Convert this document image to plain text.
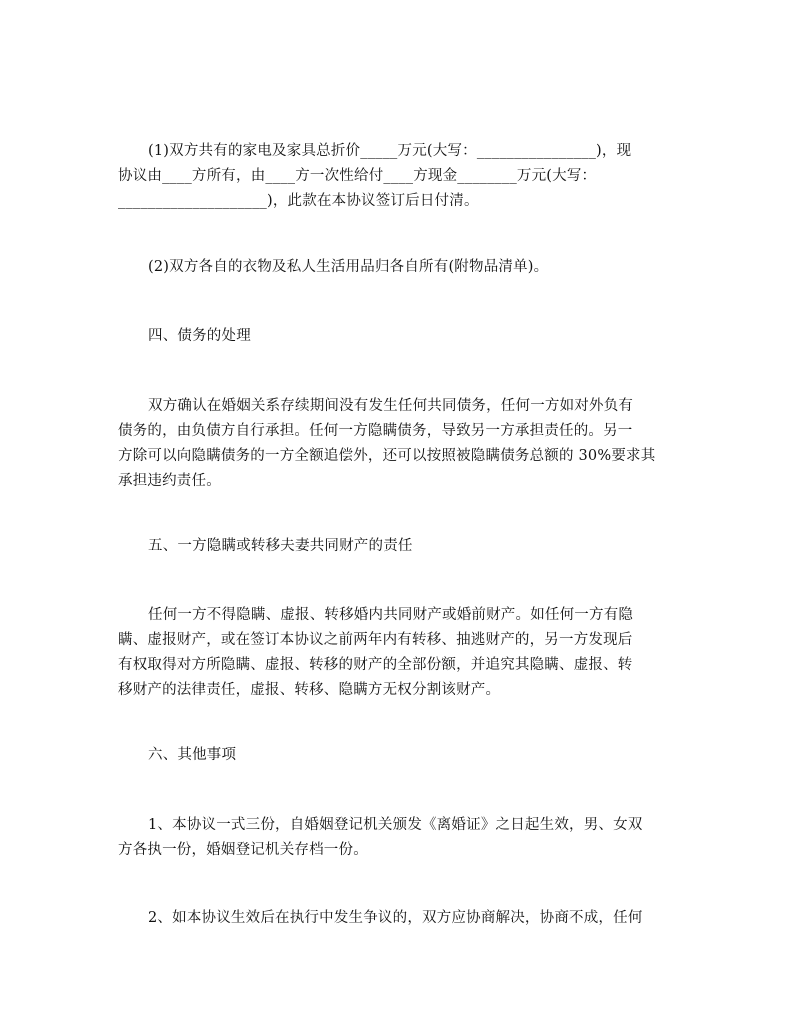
(1)双方共有的家电及家具总折价_____万元(大写：________________)，现
协议由____方所有，由____方一次性给付____方现金________万元(大写：
____________________)，此款在本协议签订后日付清。
(2)双方各自的衣物及私人生活用品归各自所有(附物品清单)。
四、债务的处理
双方确认在婚姻关系存续期间没有发生任何共同债务，任何一方如对外负有
债务的，由负债方自行承担。任何一方隐瞒债务，导致另一方承担责任的。另一
方除可以向隐瞒债务的一方全额追偿外，还可以按照被隐瞒债务总额的 30%要求其
承担违约责任。
五、一方隐瞒或转移夫妻共同财产的责任
任何一方不得隐瞒、虚报、转移婚内共同财产或婚前财产。如任何一方有隐
瞒、虚报财产，或在签订本协议之前两年内有转移、抽逃财产的，另一方发现后
有权取得对方所隐瞒、虚报、转移的财产的全部份额，并追究其隐瞒、虚报、转
移财产的法律责任，虚报、转移、隐瞒方无权分割该财产。
六、其他事项
1、本协议一式三份，自婚姻登记机关颁发《离婚证》之日起生效，男、女双
方各执一份，婚姻登记机关存档一份。
2、如本协议生效后在执行中发生争议的，双方应协商解决，协商不成，任何
